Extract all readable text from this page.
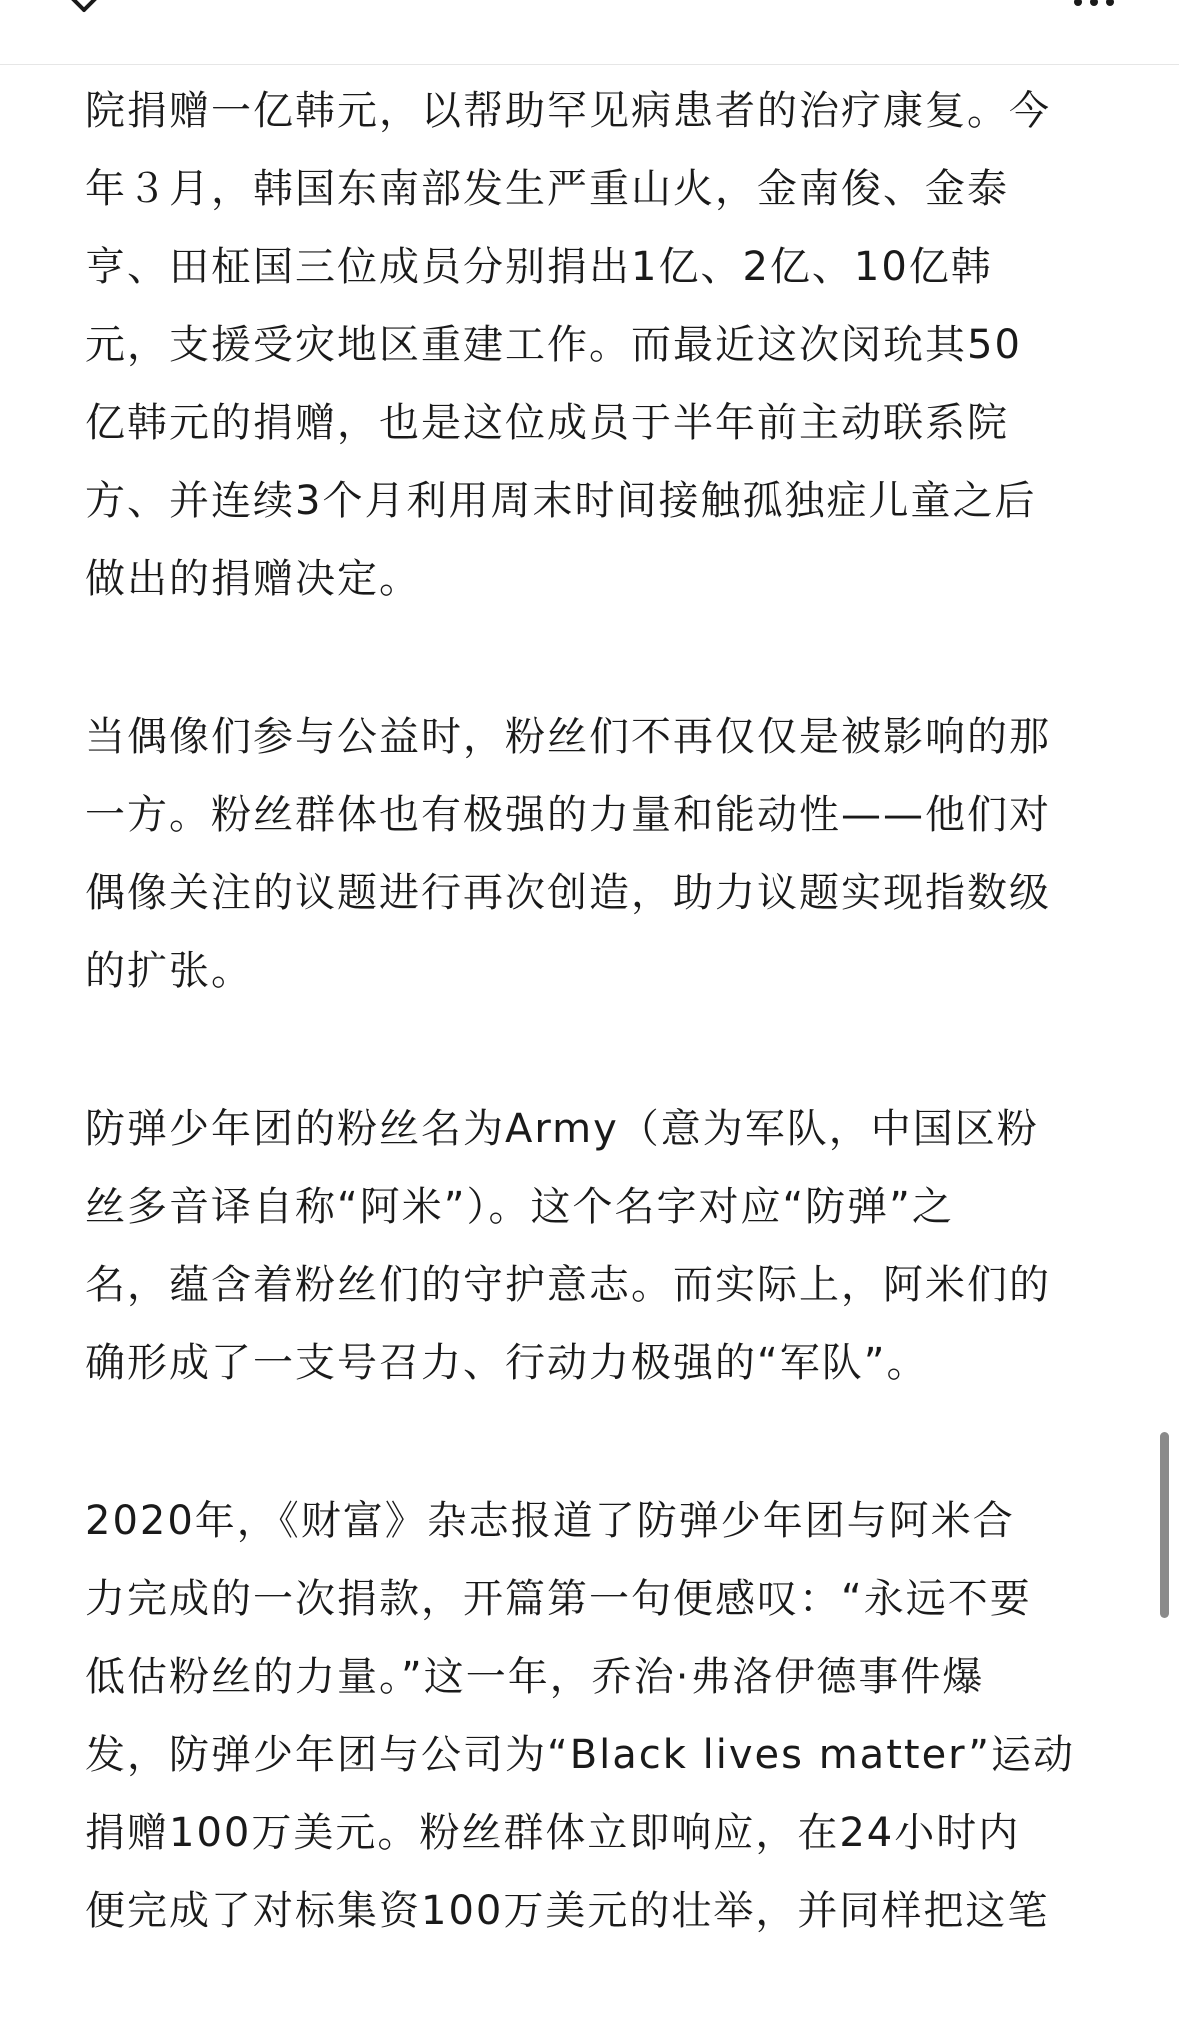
院捐赠一亿韩元，以帮助罕见病患者的治疗康复。今
年３月，韩国东南部发生严重山火，金南俊、金泰
亨、田柾国三位成员分别捐出1亿、2亿、10亿韩
元，支援受灾地区重建工作。而最近这次闵玧其50
亿韩元的捐赠，也是这位成员于半年前主动联系院
方、并连续3个月利用周末时间接触孤独症儿童之后
做出的捐赠决定。

当偶像们参与公益时，粉丝们不再仅仅是被影响的那
一方。粉丝群体也有极强的力量和能动性——他们对
偶像关注的议题进行再次创造，助力议题实现指数级
的扩张。

防弹少年团的粉丝名为Army（意为军队，中国区粉
丝多音译自称“阿米”）。这个名字对应“防弹”之
名，蕴含着粉丝们的守护意志。而实际上，阿米们的
确形成了一支号召力、行动力极强的“军队”。

2020年，《财富》杂志报道了防弹少年团与阿米合
力完成的一次捐款，开篇第一句便感叹：“永远不要
低估粉丝的力量。”这一年，乔治·弗洛伊德事件爆
发，防弹少年团与公司为“Black lives matter”运动
捐赠100万美元。粉丝群体立即响应，在24小时内
便完成了对标集资100万美元的壮举，并同样把这笔
